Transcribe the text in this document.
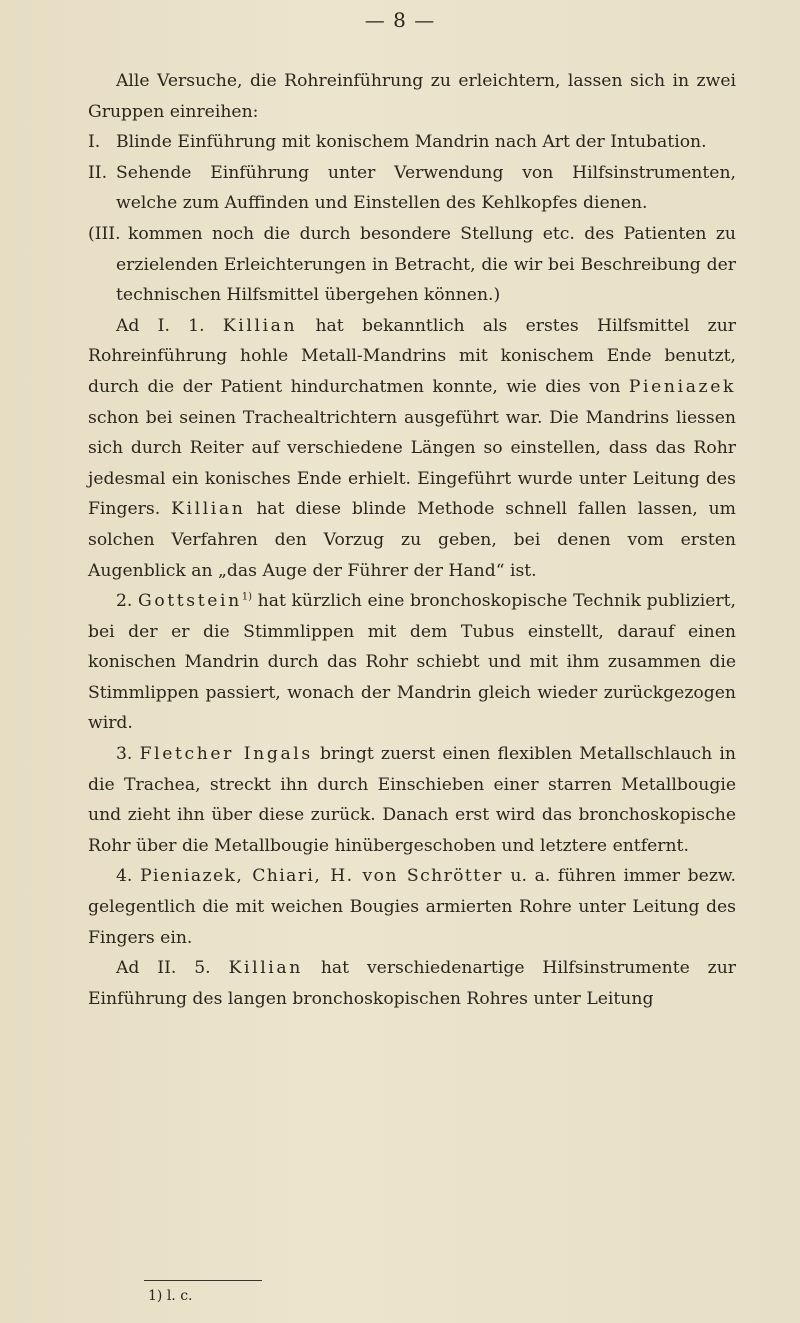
— 8 —

Alle Versuche, die Rohreinführung zu erleichtern, lassen sich in zwei Gruppen einreihen:

I. Blinde Einführung mit konischem Mandrin nach Art der Intubation.

II. Sehende Einführung unter Verwendung von Hilfsinstrumenten, welche zum Auffinden und Einstellen des Kehlkopfes dienen.

(III. kommen noch die durch besondere Stellung etc. des Patienten zu erzielenden Erleichterungen in Betracht, die wir bei Beschreibung der technischen Hilfsmittel übergehen können.)

Ad I. 1. Killian hat bekanntlich als erstes Hilfsmittel zur Rohreinführung hohle Metall-Mandrins mit konischem Ende benutzt, durch die der Patient hindurchatmen konnte, wie dies von Pieniazek schon bei seinen Trachealtrichtern ausgeführt war. Die Mandrins liessen sich durch Reiter auf verschiedene Längen so einstellen, dass das Rohr jedesmal ein konisches Ende erhielt. Eingeführt wurde unter Leitung des Fingers. Killian hat diese blinde Methode schnell fallen lassen, um solchen Verfahren den Vorzug zu geben, bei denen vom ersten Augenblick an „das Auge der Führer der Hand“ ist.

2. Gottstein$^{1)}$ hat kürzlich eine bronchoskopische Technik publiziert, bei der er die Stimmlippen mit dem Tubus einstellt, darauf einen konischen Mandrin durch das Rohr schiebt und mit ihm zusammen die Stimmlippen passiert, wonach der Mandrin gleich wieder zurückgezogen wird.

3. Fletcher Ingals bringt zuerst einen flexiblen Metallschlauch in die Trachea, streckt ihn durch Einschieben einer starren Metallbougie und zieht ihn über diese zurück. Danach erst wird das bronchoskopische Rohr über die Metallbougie hinübergeschoben und letztere entfernt.

4. Pieniazek, Chiari, H. von Schrötter u. a. führen immer bezw. gelegentlich die mit weichen Bougies armierten Rohre unter Leitung des Fingers ein.

Ad II. 5. Killian hat verschiedenartige Hilfsinstrumente zur Einführung des langen bronchoskopischen Rohres unter Leitung

1) l. c.
